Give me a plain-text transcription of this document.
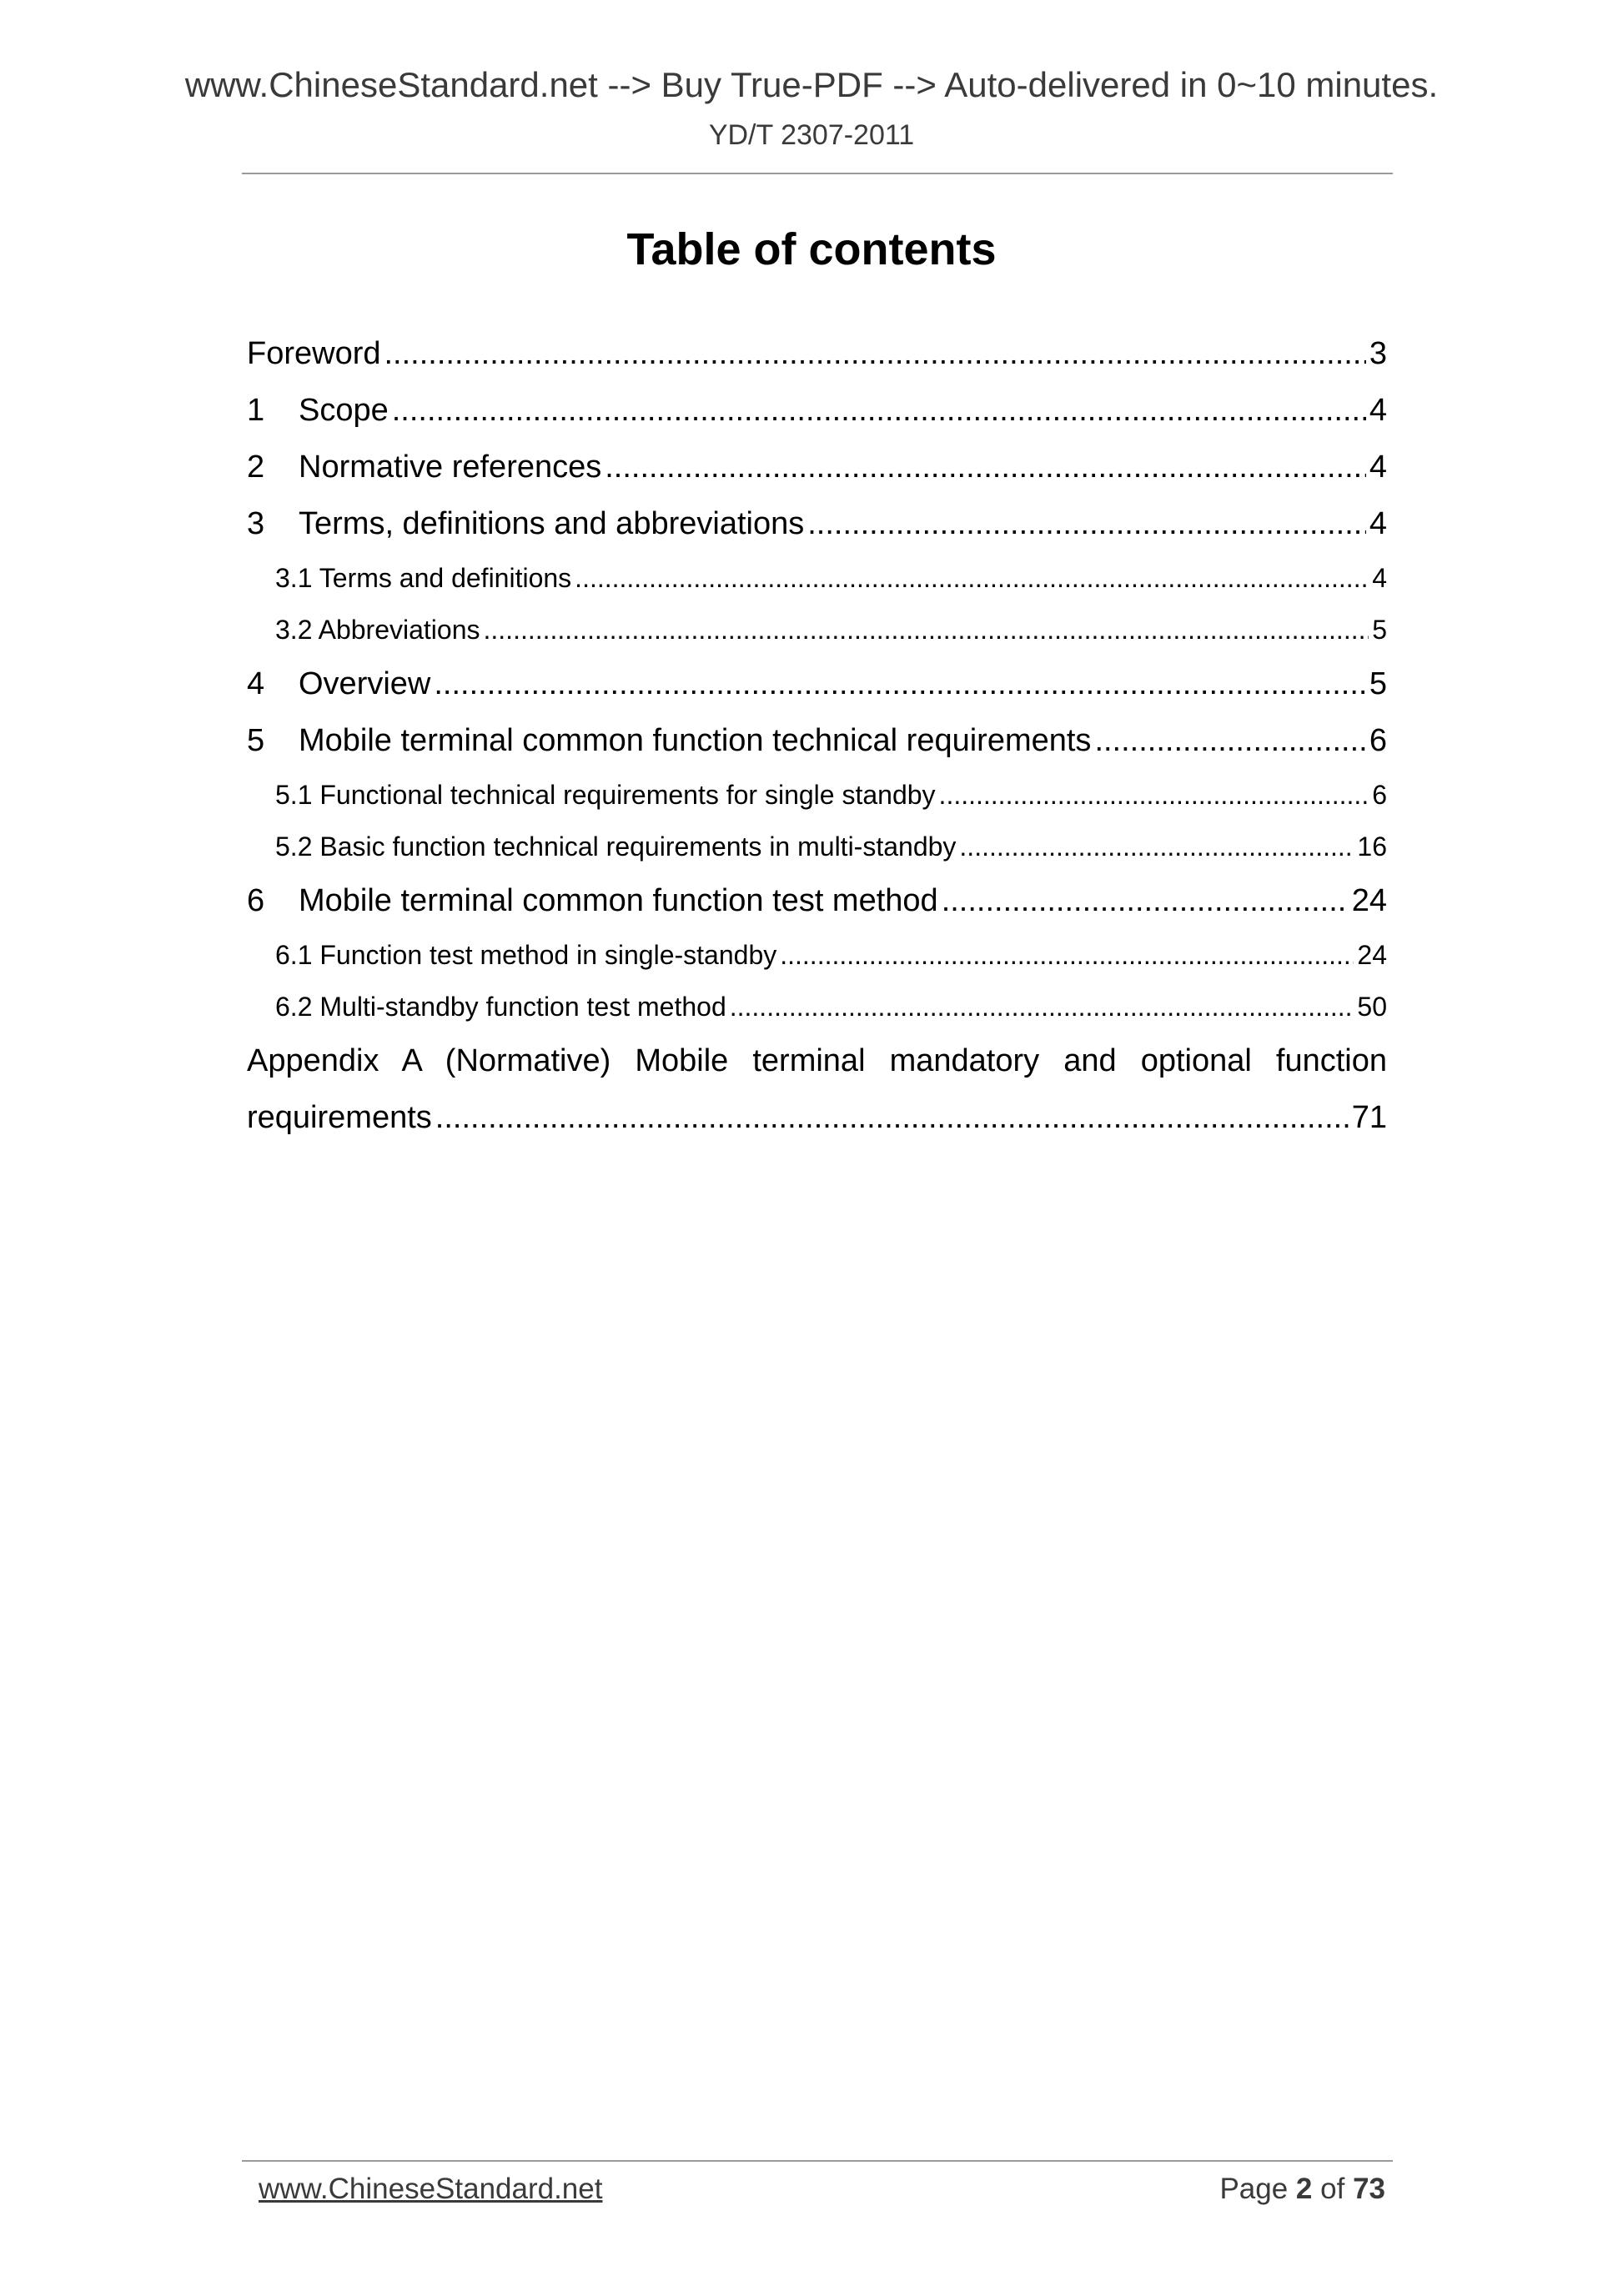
www.ChineseStandard.net --> Buy True-PDF --> Auto-delivered in 0~10 minutes.
YD/T 2307-2011
Table of contents
Foreword .....	3
1	Scope .....	4
2	Normative references .....	4
3	Terms, definitions and abbreviations .....	4
3.1 Terms and definitions .....	4
3.2 Abbreviations .....	5
4	Overview .....	5
5	Mobile terminal common function technical requirements .....	6
5.1 Functional technical requirements for single standby .....	6
5.2 Basic function technical requirements in multi-standby .....	16
6	Mobile terminal common function test method .....	24
6.1 Function test method in single-standby .....	24
6.2 Multi-standby function test method .....	50
Appendix A (Normative) Mobile terminal mandatory and optional function
requirements .....	71
www.ChineseStandard.net	Page 2 of 73
